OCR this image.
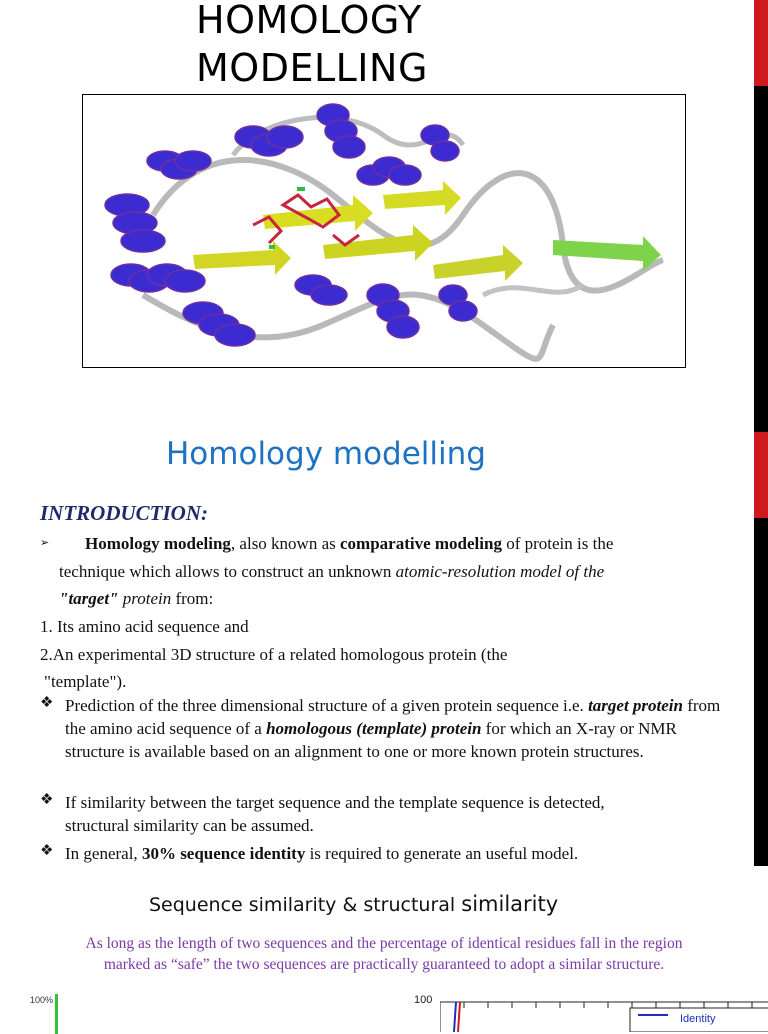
HOMOLOGY
MODELLING
Homology modelling
INTRODUCTION:
➢ Homology modeling, also known as comparative modeling of protein is the
technique which allows to construct an unknown atomic-resolution model of the
"target" protein from:
1. Its amino acid sequence and
2.An experimental 3D structure of a related homologous protein (the
"template").
❖ Prediction of the three dimensional structure of a given protein sequence i.e. target protein from the amino acid sequence of a homologous (template) protein for which an X-ray or NMR structure is available based on an alignment to one or more known protein structures.
❖ If similarity between the target sequence and the template sequence is detected, structural similarity can be assumed.
❖ In general, 30% sequence identity is required to generate an useful model.
Sequence similarity & structural similarity
As long as the length of two sequences and the percentage of identical residues fall in the region marked as “safe” the two sequences are practically guaranteed to adopt a similar structure.
100%	100
Identity
